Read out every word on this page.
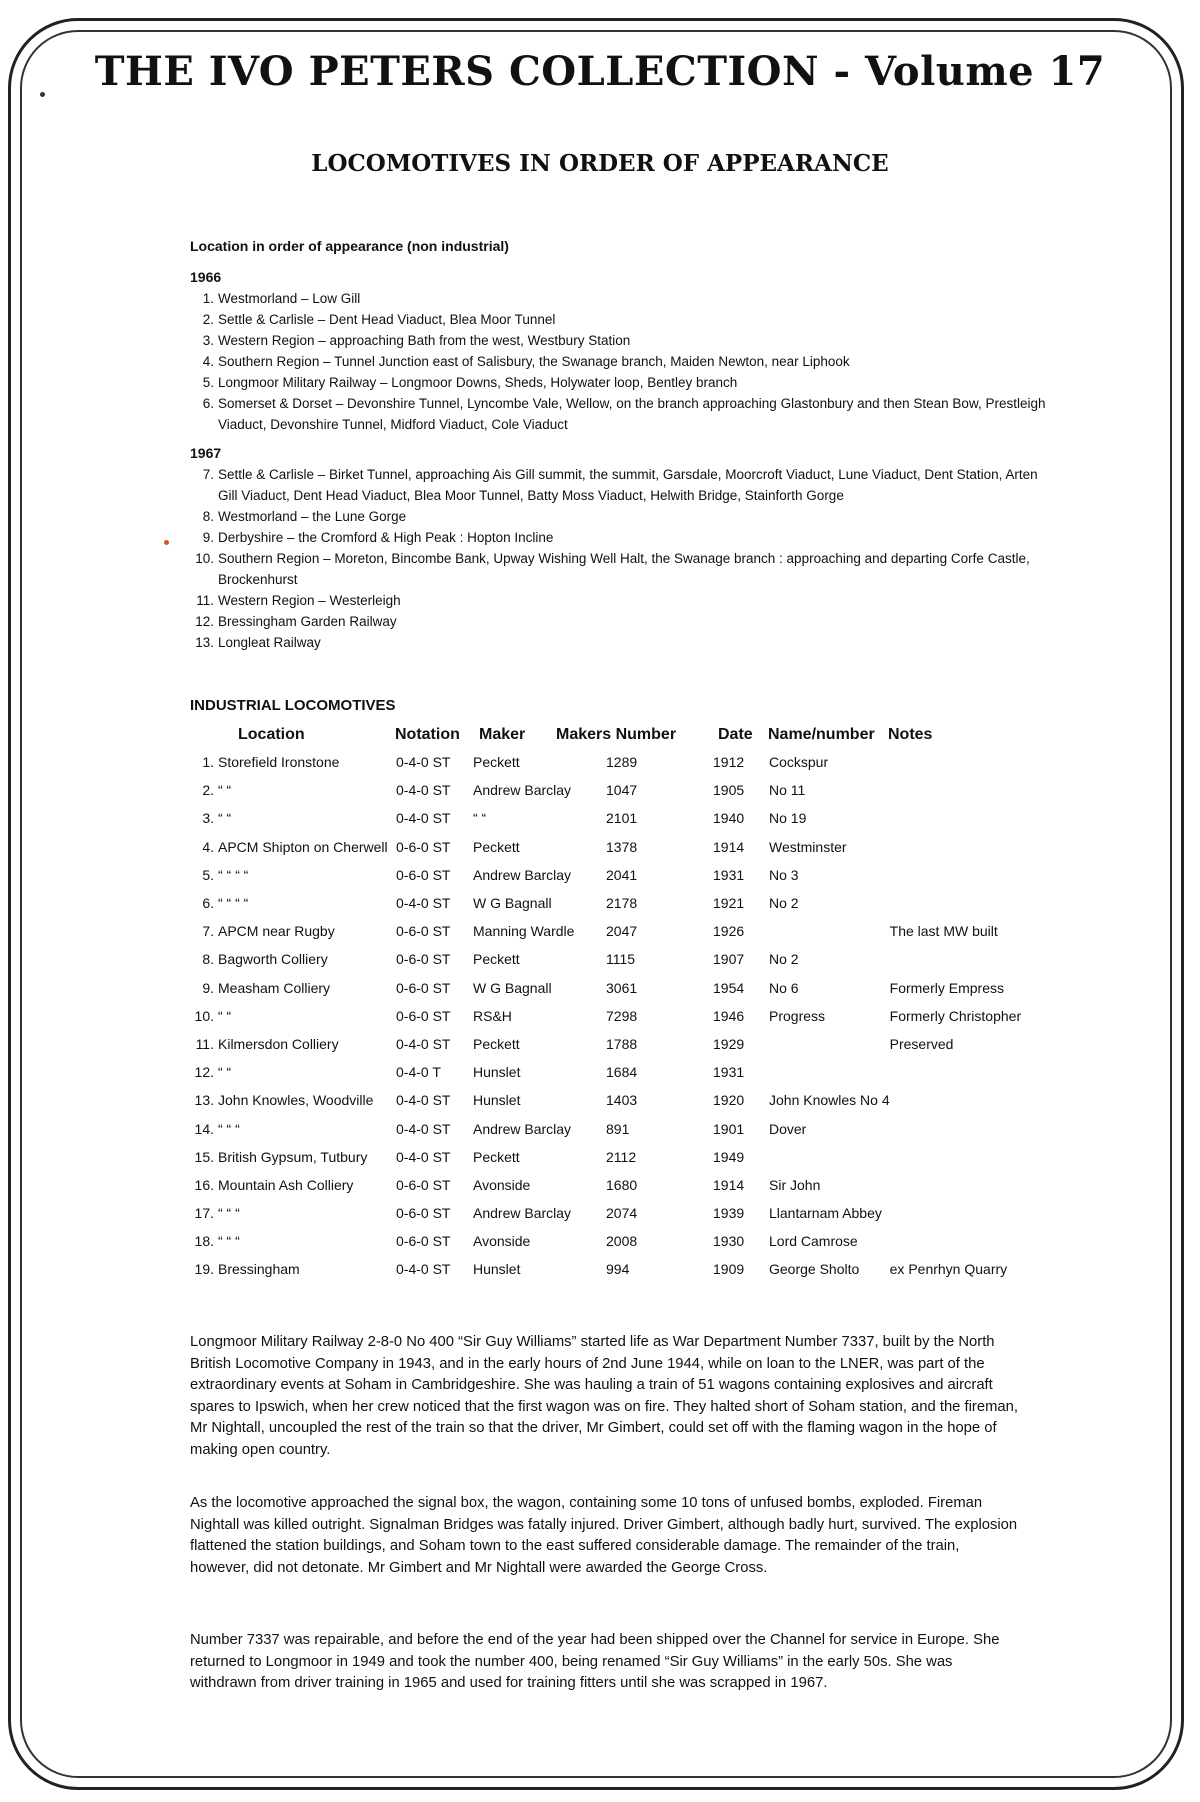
THE IVO PETERS COLLECTION - Volume 17
LOCOMOTIVES IN ORDER OF APPEARANCE
Location in order of appearance (non industrial)
1966
1. Westmorland – Low Gill
2. Settle & Carlisle – Dent Head Viaduct, Blea Moor Tunnel
3. Western Region – approaching Bath from the west, Westbury Station
4. Southern Region – Tunnel Junction east of Salisbury, the Swanage branch, Maiden Newton, near Liphook
5. Longmoor Military Railway – Longmoor Downs, Sheds, Holywater loop, Bentley branch
6. Somerset & Dorset – Devonshire Tunnel, Lyncombe Vale, Wellow, on the branch approaching Glastonbury and then Stean Bow, Prestleigh Viaduct, Devonshire Tunnel, Midford Viaduct, Cole Viaduct
1967
7. Settle & Carlisle – Birket Tunnel, approaching Ais Gill summit, the summit, Garsdale, Moorcroft Viaduct, Lune Viaduct, Dent Station, Arten Gill Viaduct, Dent Head Viaduct, Blea Moor Tunnel, Batty Moss Viaduct, Helwith Bridge, Stainforth Gorge
8. Westmorland – the Lune Gorge
9. Derbyshire – the Cromford & High Peak : Hopton Incline
10. Southern Region – Moreton, Bincombe Bank, Upway Wishing Well Halt, the Swanage branch : approaching and departing Corfe Castle, Brockenhurst
11. Western Region – Westerleigh
12. Bressingham Garden Railway
13. Longleat Railway
INDUSTRIAL LOCOMOTIVES
Location	Notation Maker Makers Number	Date Name/number Notes
1.	Storefield Ironstone	0-4-0 ST	Peckett	1289	1912	Cockspur	
2.	“ “	0-4-0 ST	Andrew Barclay	1047	1905	No 11	
3.	“ “	0-4-0 ST	“ “	2101	1940	No 19	
4.	APCM Shipton on Cherwell	0-6-0 ST	Peckett	1378	1914	Westminster	
5.	“ “ “ “	0-6-0 ST	Andrew Barclay	2041	1931	No 3	
6.	“ “ “ “	0-4-0 ST	W G Bagnall	2178	1921	No 2	
7.	APCM near Rugby	0-6-0 ST	Manning Wardle	2047	1926		The last MW built
8.	Bagworth Colliery	0-6-0 ST	Peckett	1115	1907	No 2	
9.	Measham Colliery	0-6-0 ST	W G Bagnall	3061	1954	No 6	Formerly Empress
10.	“ “	0-6-0 ST	RS&H	7298	1946	Progress	Formerly Christopher
11.	Kilmersdon Colliery	0-4-0 ST	Peckett	1788	1929		Preserved
12.	“ “	0-4-0 T	Hunslet	1684	1931		
13.	John Knowles, Woodville	0-4-0 ST	Hunslet	1403	1920	John Knowles No 4	
14.	“ “ “	0-4-0 ST	Andrew Barclay	891	1901	Dover	
15.	British Gypsum, Tutbury	0-4-0 ST	Peckett	2112	1949		
16.	Mountain Ash Colliery	0-6-0 ST	Avonside	1680	1914	Sir John	
17.	“ “ “	0-6-0 ST	Andrew Barclay	2074	1939	Llantarnam Abbey	
18.	“ “ “	0-6-0 ST	Avonside	2008	1930	Lord Camrose	
19.	Bressingham	0-4-0 ST	Hunslet	994	1909	George Sholto	ex Penrhyn Quarry
Longmoor Military Railway 2-8-0 No 400 “Sir Guy Williams” started life as War Department Number 7337, built by the North British Locomotive Company in 1943, and in the early hours of 2nd June 1944, while on loan to the LNER, was part of the extraordinary events at Soham in Cambridgeshire. She was hauling a train of 51 wagons containing explosives and aircraft spares to Ipswich, when her crew noticed that the first wagon was on fire. They halted short of Soham station, and the fireman, Mr Nightall, uncoupled the rest of the train so that the driver, Mr Gimbert, could set off with the flaming wagon in the hope of making open country.
As the locomotive approached the signal box, the wagon, containing some 10 tons of unfused bombs, exploded. Fireman Nightall was killed outright. Signalman Bridges was fatally injured. Driver Gimbert, although badly hurt, survived. The explosion flattened the station buildings, and Soham town to the east suffered considerable damage. The remainder of the train, however, did not detonate. Mr Gimbert and Mr Nightall were awarded the George Cross.
Number 7337 was repairable, and before the end of the year had been shipped over the Channel for service in Europe. She returned to Longmoor in 1949 and took the number 400, being renamed “Sir Guy Williams” in the early 50s. She was withdrawn from driver training in 1965 and used for training fitters until she was scrapped in 1967.
